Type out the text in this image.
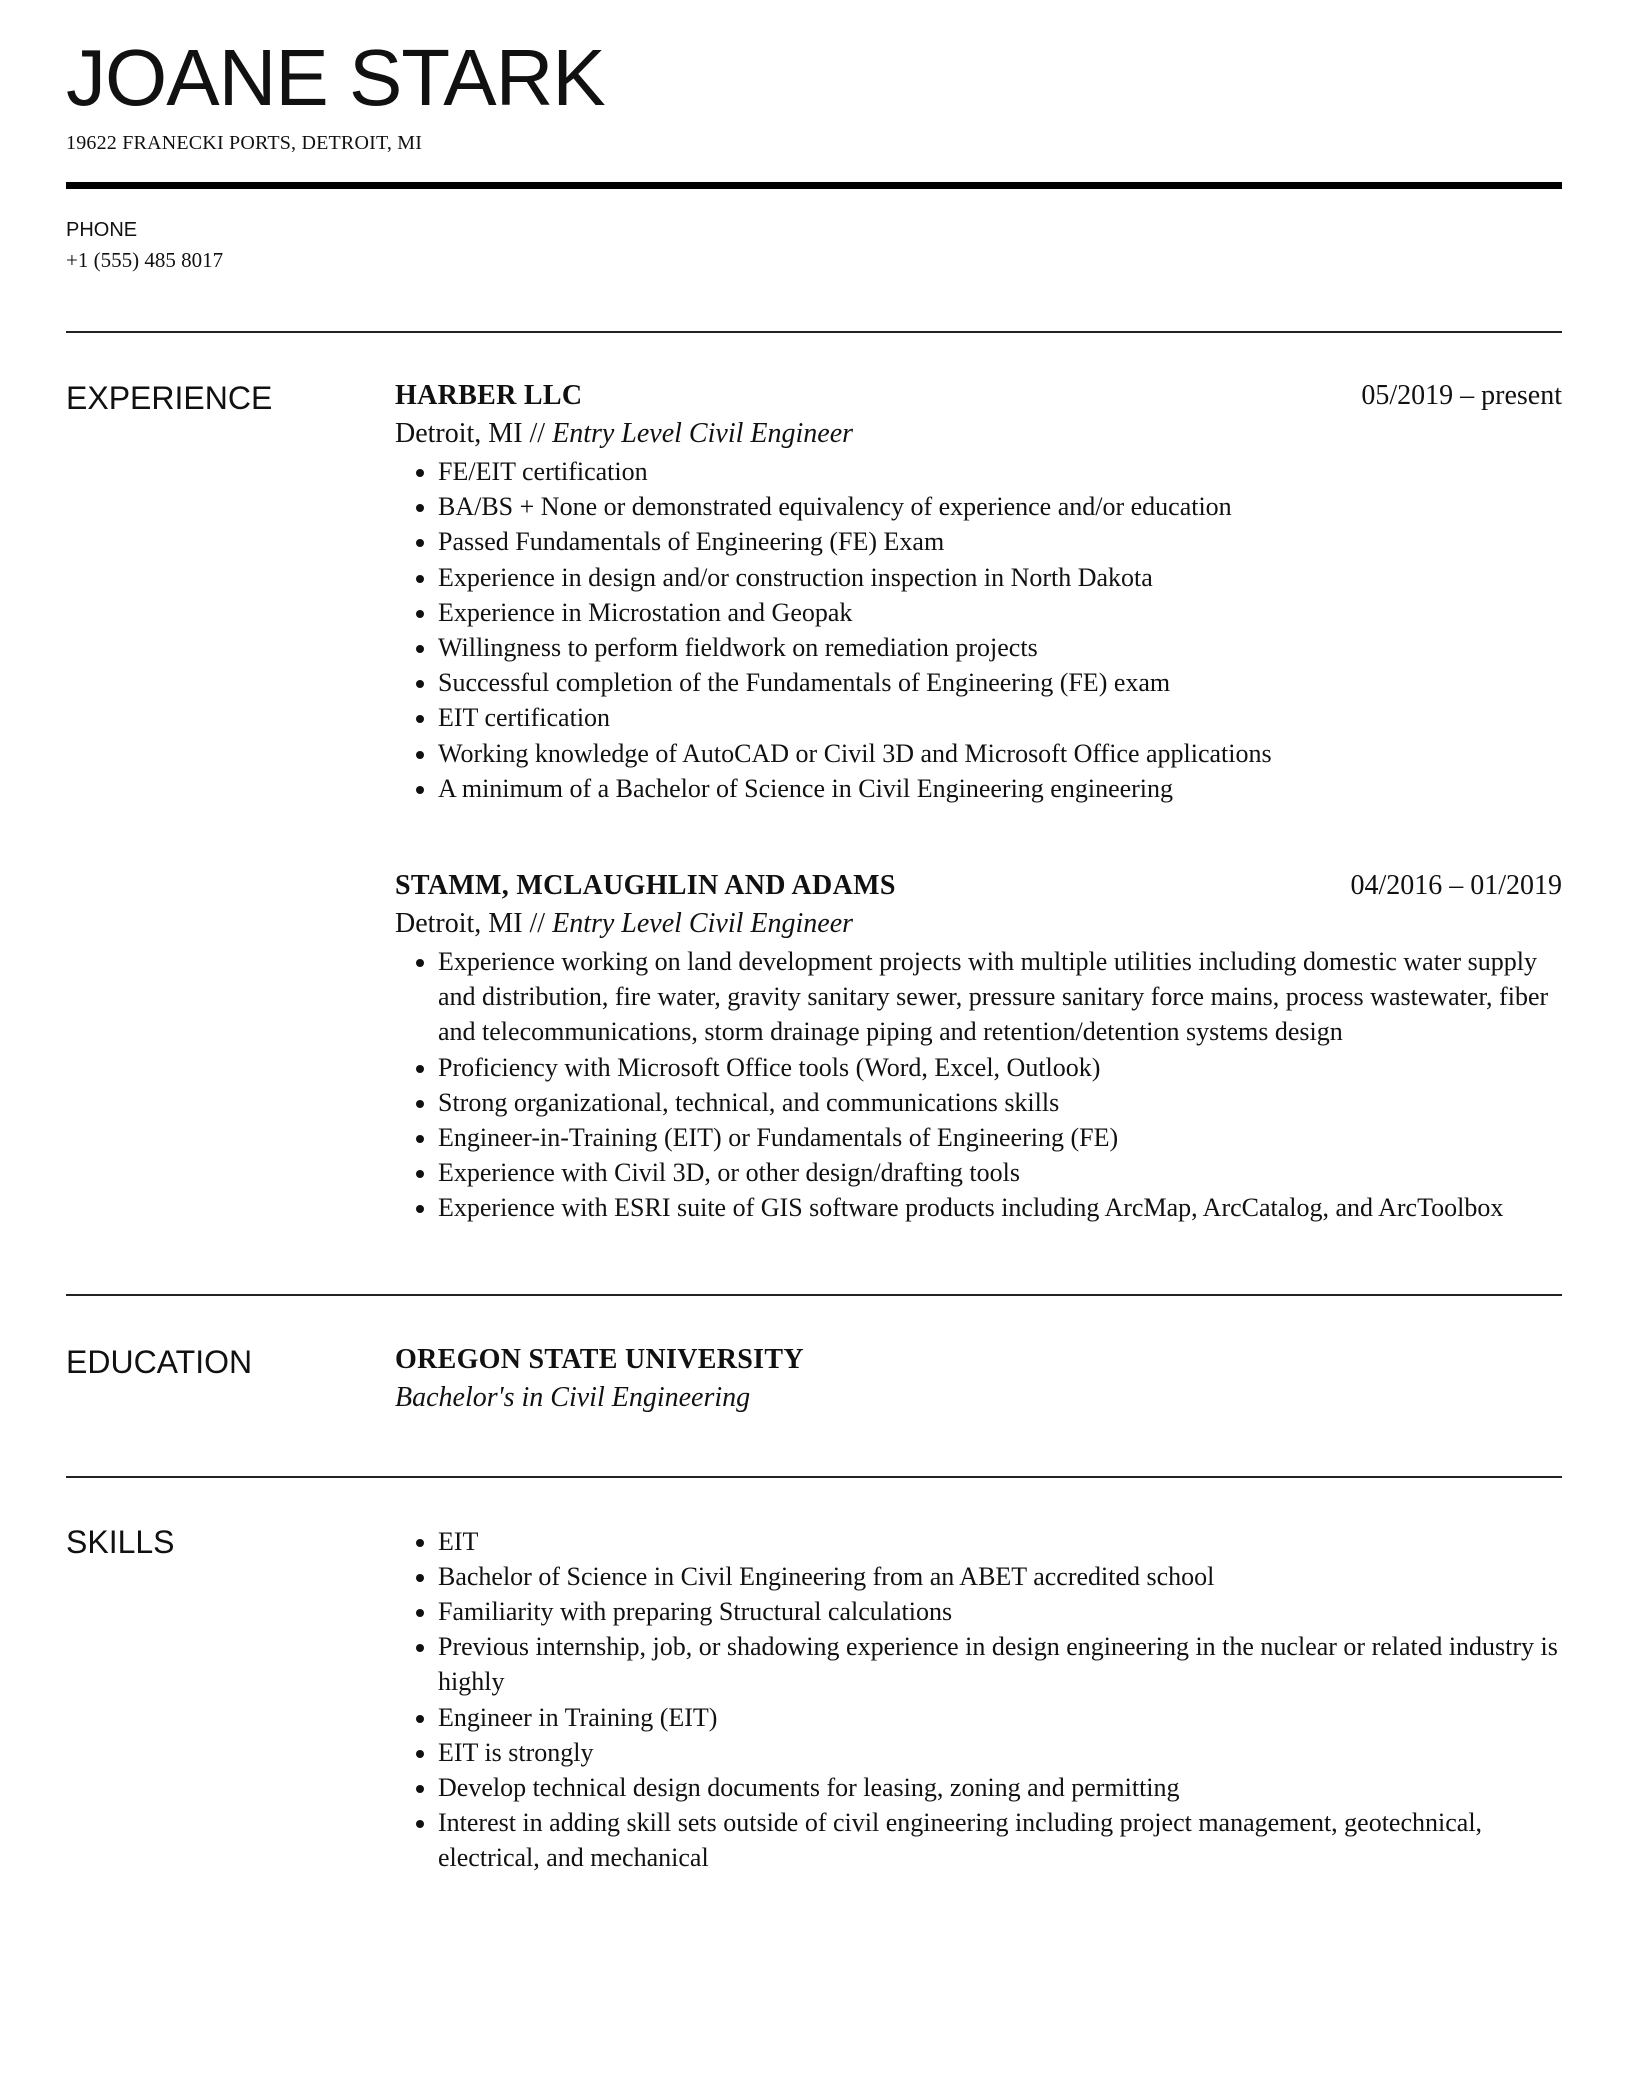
JOANE STARK
19622 FRANECKI PORTS, DETROIT, MI
PHONE
+1 (555) 485 8017
EXPERIENCE	HARBER LLC	05/2019 – present
Detroit, MI // Entry Level Civil Engineer
• FE/EIT certification
• BA/BS + None or demonstrated equivalency of experience and/or education
• Passed Fundamentals of Engineering (FE) Exam
• Experience in design and/or construction inspection in North Dakota
• Experience in Microstation and Geopak
• Willingness to perform fieldwork on remediation projects
• Successful completion of the Fundamentals of Engineering (FE) exam
• EIT certification
• Working knowledge of AutoCAD or Civil 3D and Microsoft Office applications
• A minimum of a Bachelor of Science in Civil Engineering engineering
STAMM, MCLAUGHLIN AND ADAMS	04/2016 – 01/2019
Detroit, MI // Entry Level Civil Engineer
• Experience working on land development projects with multiple utilities including domestic water supply and distribution, fire water, gravity sanitary sewer, pressure sanitary force mains, process wastewater, fiber and telecommunications, storm drainage piping and retention/detention systems design
• Proficiency with Microsoft Office tools (Word, Excel, Outlook)
• Strong organizational, technical, and communications skills
• Engineer-in-Training (EIT) or Fundamentals of Engineering (FE)
• Experience with Civil 3D, or other design/drafting tools
• Experience with ESRI suite of GIS software products including ArcMap, ArcCatalog, and ArcToolbox
EDUCATION	OREGON STATE UNIVERSITY
Bachelor's in Civil Engineering
SKILLS
•	EIT
• Bachelor of Science in Civil Engineering from an ABET accredited school
• Familiarity with preparing Structural calculations
• Previous internship, job, or shadowing experience in design engineering in the nuclear or related industry is highly
• Engineer in Training (EIT)
• EIT is strongly
• Develop technical design documents for leasing, zoning and permitting
• Interest in adding skill sets outside of civil engineering including project management, geotechnical, electrical, and mechanical
